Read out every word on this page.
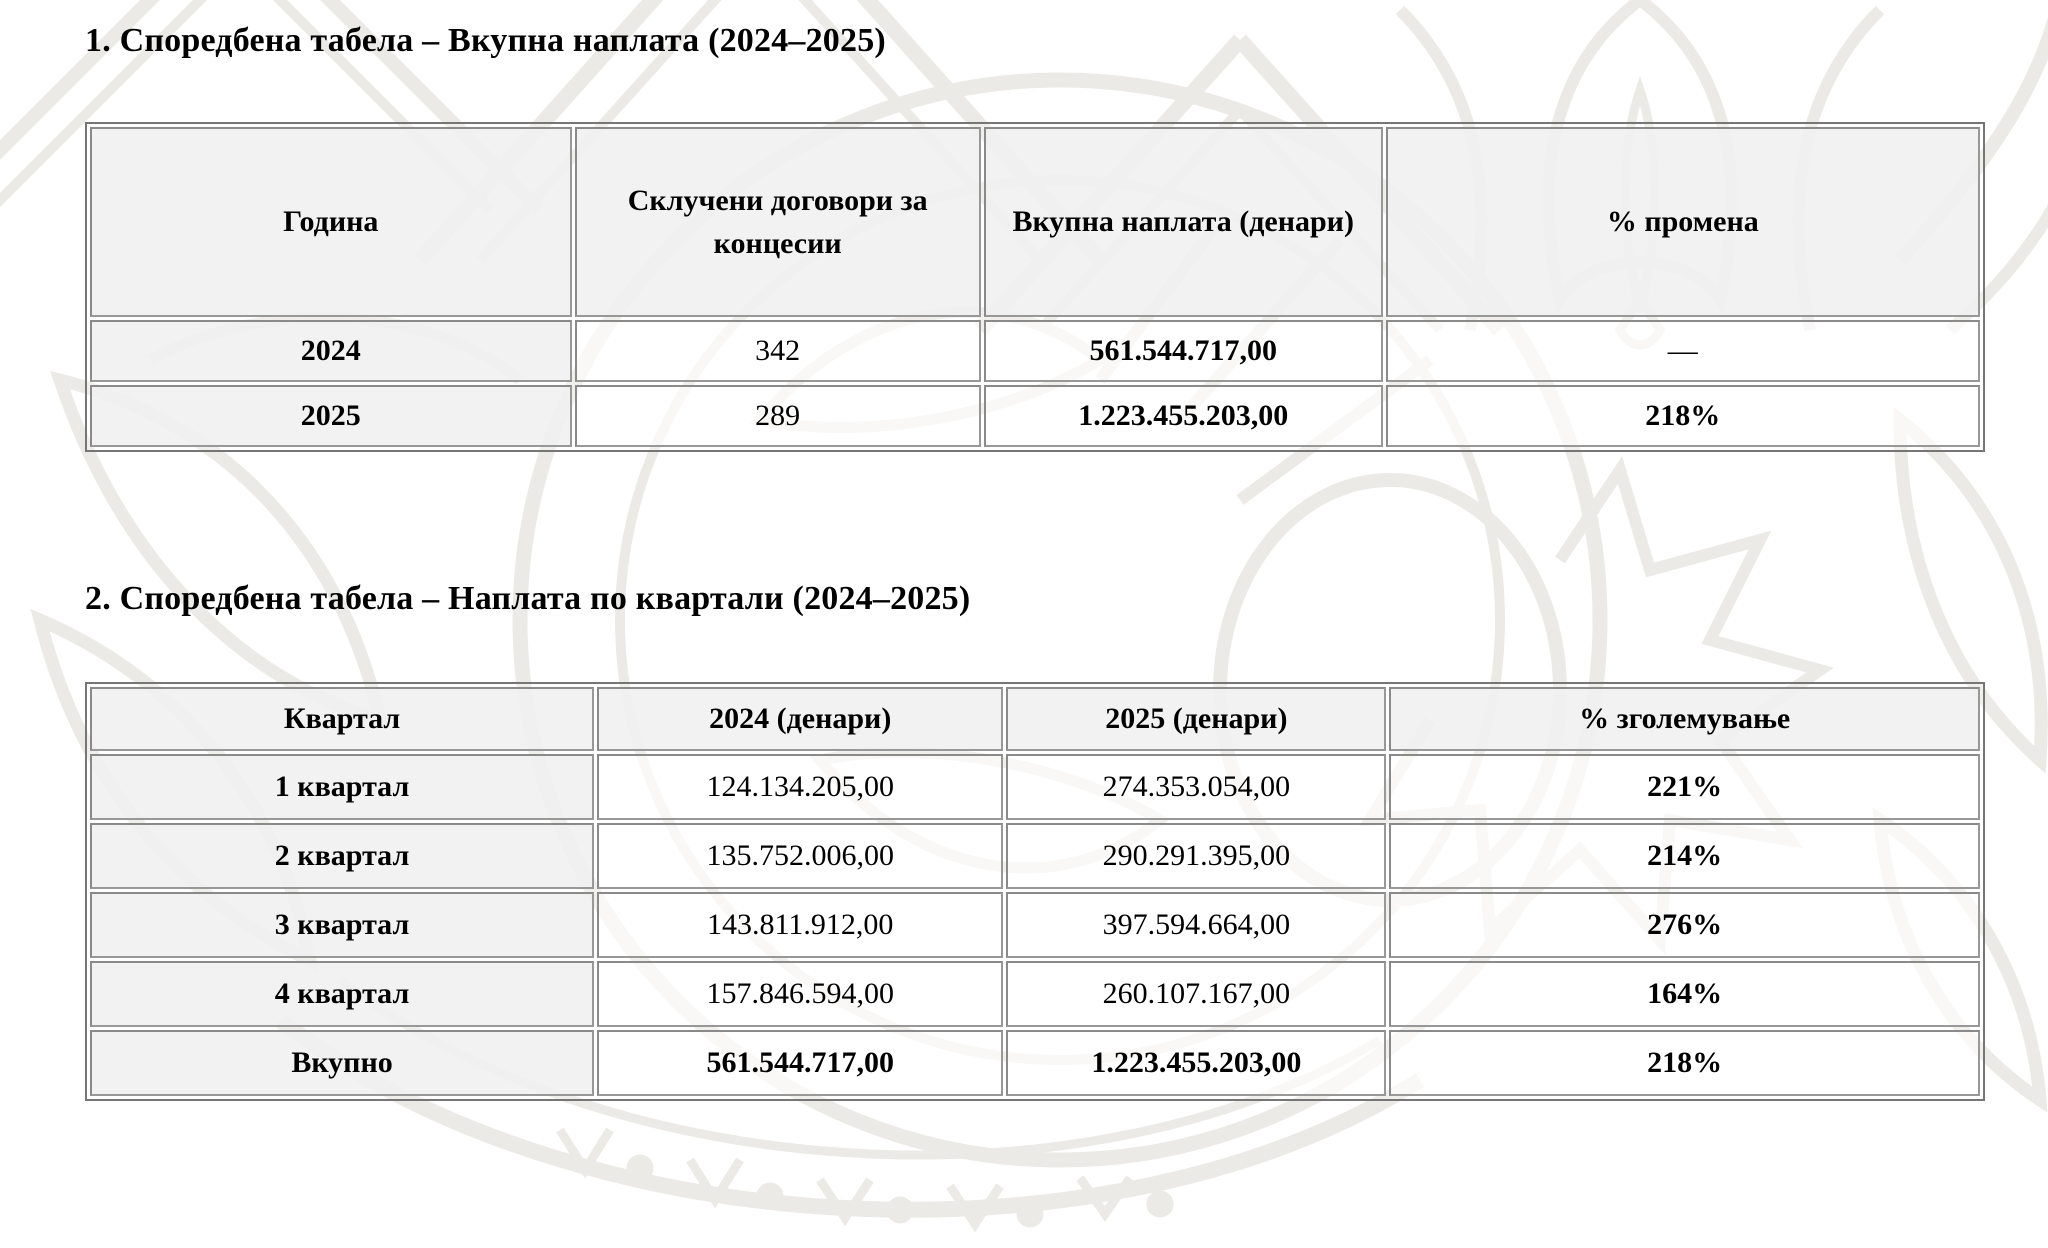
1. Споредбена табела – Вкупна наплата (2024–2025)
Година	Склучени договори за концесии	Вкупна наплата (денари)	% промена
2024	342	561.544.717,00	—
2025	289	1.223.455.203,00	218%
2. Споредбена табела – Наплата по квартали (2024–2025)
Квартал	2024 (денари)	2025 (денари)	% зголемување
1 квартал	124.134.205,00	274.353.054,00	221%
2 квартал	135.752.006,00	290.291.395,00	214%
3 квартал	143.811.912,00	397.594.664,00	276%
4 квартал	157.846.594,00	260.107.167,00	164%
Вкупно	561.544.717,00	1.223.455.203,00	218%
